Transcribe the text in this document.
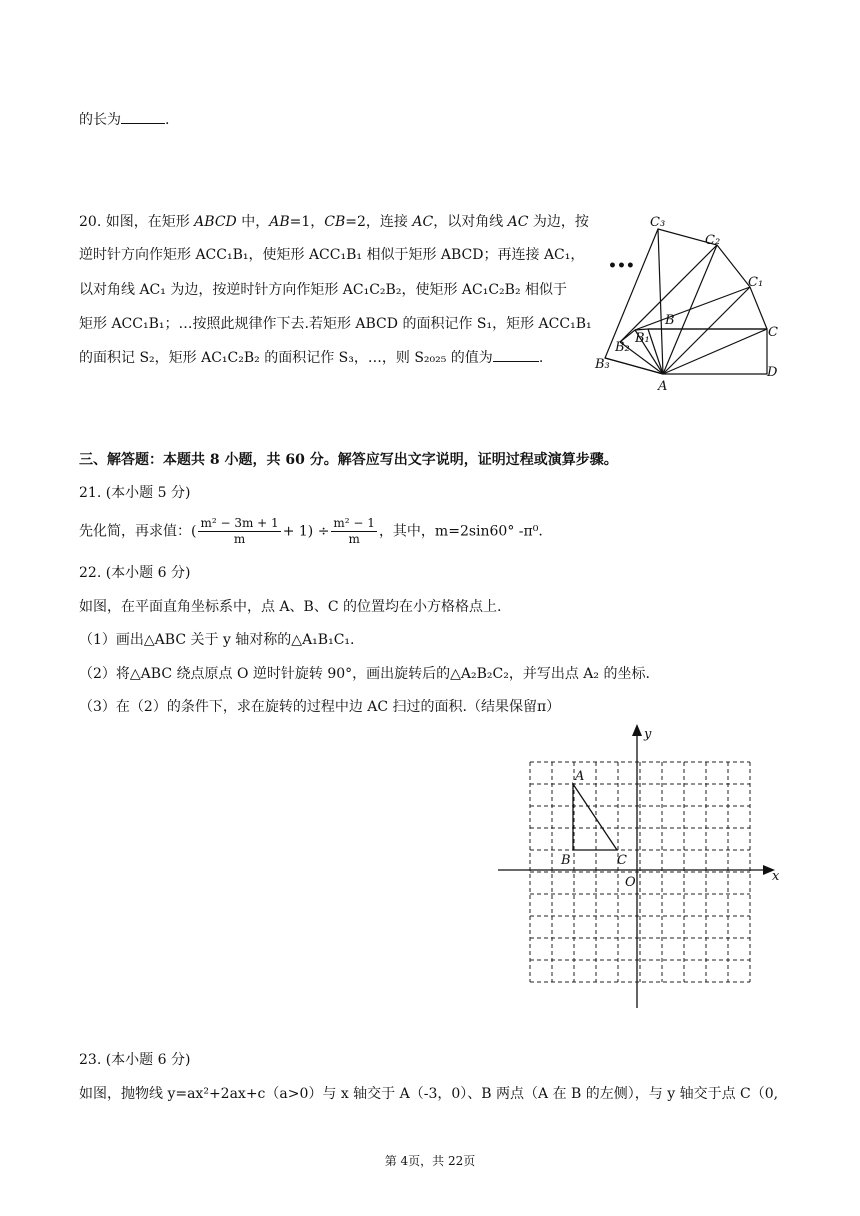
的长为	.
20. 如图，在矩形 ABCD 中，AB=1，CB=2，连接 AC，以对角线 AC 为边，按
逆时针方向作矩形 ACC₁B₁，使矩形 ACC₁B₁ 相似于矩形 ABCD；再连接 AC₁，
以对角线 AC₁ 为边，按逆时针方向作矩形 AC₁C₂B₂，使矩形 AC₁C₂B₂ 相似于
矩形 ACC₁B₁；…按照此规律作下去.若矩形 ABCD 的面积记作 S₁，矩形 ACC₁B₁
的面积记 S₂，矩形 AC₁C₂B₂ 的面积记作 S₃，…，则 S₂₀₂₅ 的值为	.
C₃
C₂
C₁
C
D
A
B
B₁
B₂
B₃
•••
三、解答题：本题共 8 小题，共 60 分。解答应写出文字说明，证明过程或演算步骤。
21. (本小题 5 分)
先化简，再求值：( $\frac{\text{m² − 3m + 1}}{m} + 1) \div \frac{\text{m² − 1}}{m}$ ，其中，m=2sin60° -π⁰.
22. (本小题 6 分)
如图，在平面直角坐标系中，点 A、B、C 的位置均在小方格格点上.
（1）画出△ABC 关于 y 轴对称的△A₁B₁C₁.
（2）将△ABC 绕点原点 O 逆时针旋转 90°，画出旋转后的△A₂B₂C₂，并写出点 A₂ 的坐标.
（3）在（2）的条件下，求在旋转的过程中边 AC 扫过的面积.（结果保留π）
A
B	C
O	x
y
23. (本小题 6 分)
如图，抛物线 y=ax²+2ax+c（a>0）与 x 轴交于 A（-3，0）、B 两点（A 在 B 的左侧），与 y 轴交于点 C（0,
第 4页，共 22页
